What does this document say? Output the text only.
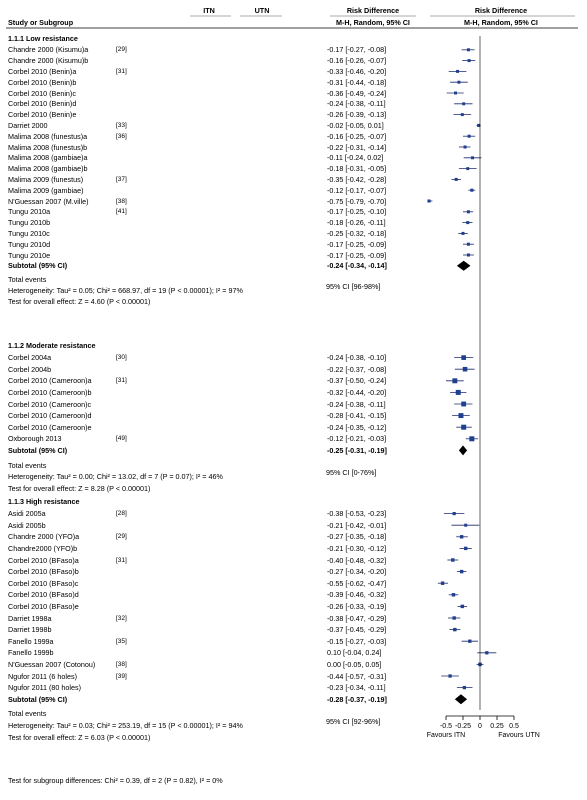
ITN	UTN	Risk Difference	Risk Difference
Study or Subgroup	M-H, Random, 95% CI	M-H, Random, 95% CI
1.1.1 Low resistance
Chandre 2000 (Kisumu)a	[29]	-0.17 [-0.27, -0.08]
Chandre 2000 (Kisumu)b	-0.16 [-0.26, -0.07]
Corbel 2010 (Benin)a	[31]	-0.33 [-0.46, -0.20]
Corbel 2010 (Benin)b	-0.31 [-0.44, -0.18]
Corbel 2010 (Benin)c	-0.36 [-0.49, -0.24]
Corbel 2010 (Benin)d	-0.24 [-0.38, -0.11]
Corbel 2010 (Benin)e	-0.26 [-0.39, -0.13]
Darriet 2000	[33]	-0.02 [-0.05, 0.01]
Malima 2008 (funestus)a	[36]	-0.16 [-0.25, -0.07]
Malima 2008 (funestus)b	-0.22 [-0.31, -0.14]
Malima 2008 (gambiae)a	-0.11 [-0.24, 0.02]
Malima 2008 (gambiae)b	-0.18 [-0.31, -0.05]
Malima 2009 (funestus)	[37]	-0.35 [-0.42, -0.28]
Malima 2009 (gambiae)	-0.12 [-0.17, -0.07]
N'Guessan 2007 (M.ville)	[38]	-0.75 [-0.79, -0.70]
Tungu 2010a	[41]	-0.17 [-0.25, -0.10]
Tungu 2010b	-0.18 [-0.26, -0.11]
Tungu 2010c	-0.25 [-0.32, -0.18]
Tungu 2010d	-0.17 [-0.25, -0.09]
Tungu 2010e	-0.17 [-0.25, -0.09]
Subtotal (95% CI)	-0.24 [-0.34, -0.14]
Total events
Heterogeneity: Tau² = 0.05; Chi² = 668.97, df = 19 (P < 0.00001); I² = 97%	95% CI [96-98%]
Test for overall effect: Z = 4.60 (P < 0.00001)
1.1.2 Moderate resistance
Corbel 2004a	[30]	-0.24 [-0.38, -0.10]
Corbel 2004b	-0.22 [-0.37, -0.08]
Corbel 2010 (Cameroon)a	[31]	-0.37 [-0.50, -0.24]
Corbel 2010 (Cameroon)b	-0.32 [-0.44, -0.20]
Corbel 2010 (Cameroon)c	-0.24 [-0.38, -0.11]
Corbel 2010 (Cameroon)d	-0.28 [-0.41, -0.15]
Corbel 2010 (Cameroon)e	-0.24 [-0.35, -0.12]
Oxborough 2013	[49]	-0.12 [-0.21, -0.03]
Subtotal (95% CI)	-0.25 [-0.31, -0.19]
Total events
Heterogeneity: Tau² = 0.00; Chi² = 13.02, df = 7 (P = 0.07); I² = 46%	95% CI [0-76%]
Test for overall effect: Z = 8.28 (P < 0.00001)
1.1.3 High resistance
Asidi 2005a	[28]	-0.38 [-0.53, -0.23]
Asidi 2005b	-0.21 [-0.42, -0.01]
Chandre 2000 (YFO)a	[29]	-0.27 [-0.35, -0.18]
Chandre2000 (YFO)b	-0.21 [-0.30, -0.12]
Corbel 2010 (BFaso)a	[31]	-0.40 [-0.48, -0.32]
Corbel 2010 (BFaso)b	-0.27 [-0.34, -0.20]
Corbel 2010 (BFaso)c	-0.55 [-0.62, -0.47]
Corbel 2010 (BFaso)d	-0.39 [-0.46, -0.32]
Corbel 2010 (BFaso)e	-0.26 [-0.33, -0.19]
Darriet 1998a	[32]	-0.38 [-0.47, -0.29]
Darriet 1998b	-0.37 [-0.45, -0.29]
Fanello 1999a	[35]	-0.15 [-0.27, -0.03]
Fanello 1999b	0.10 [-0.04, 0.24]
N'Guessan 2007 (Cotonou)	[38]	0.00 [-0.05, 0.05]
Ngufor 2011 (6 holes)	[39]	-0.44 [-0.57, -0.31]
Ngufor 2011 (80 holes)	-0.23 [-0.34, -0.11]
Subtotal (95% CI)	-0.28 [-0.37, -0.19]
Total events
Heterogeneity: Tau² = 0.03; Chi² = 253.19, df = 15 (P < 0.00001); I² = 94%	95% CI [92-96%]
Test for overall effect: Z = 6.03 (P < 0.00001)
-0.5 -0.25	0	0.25 0.5
Favours ITN	Favours UTN
Test for subgroup differences: Chi² = 0.39, df = 2 (P = 0.82), I² = 0%
